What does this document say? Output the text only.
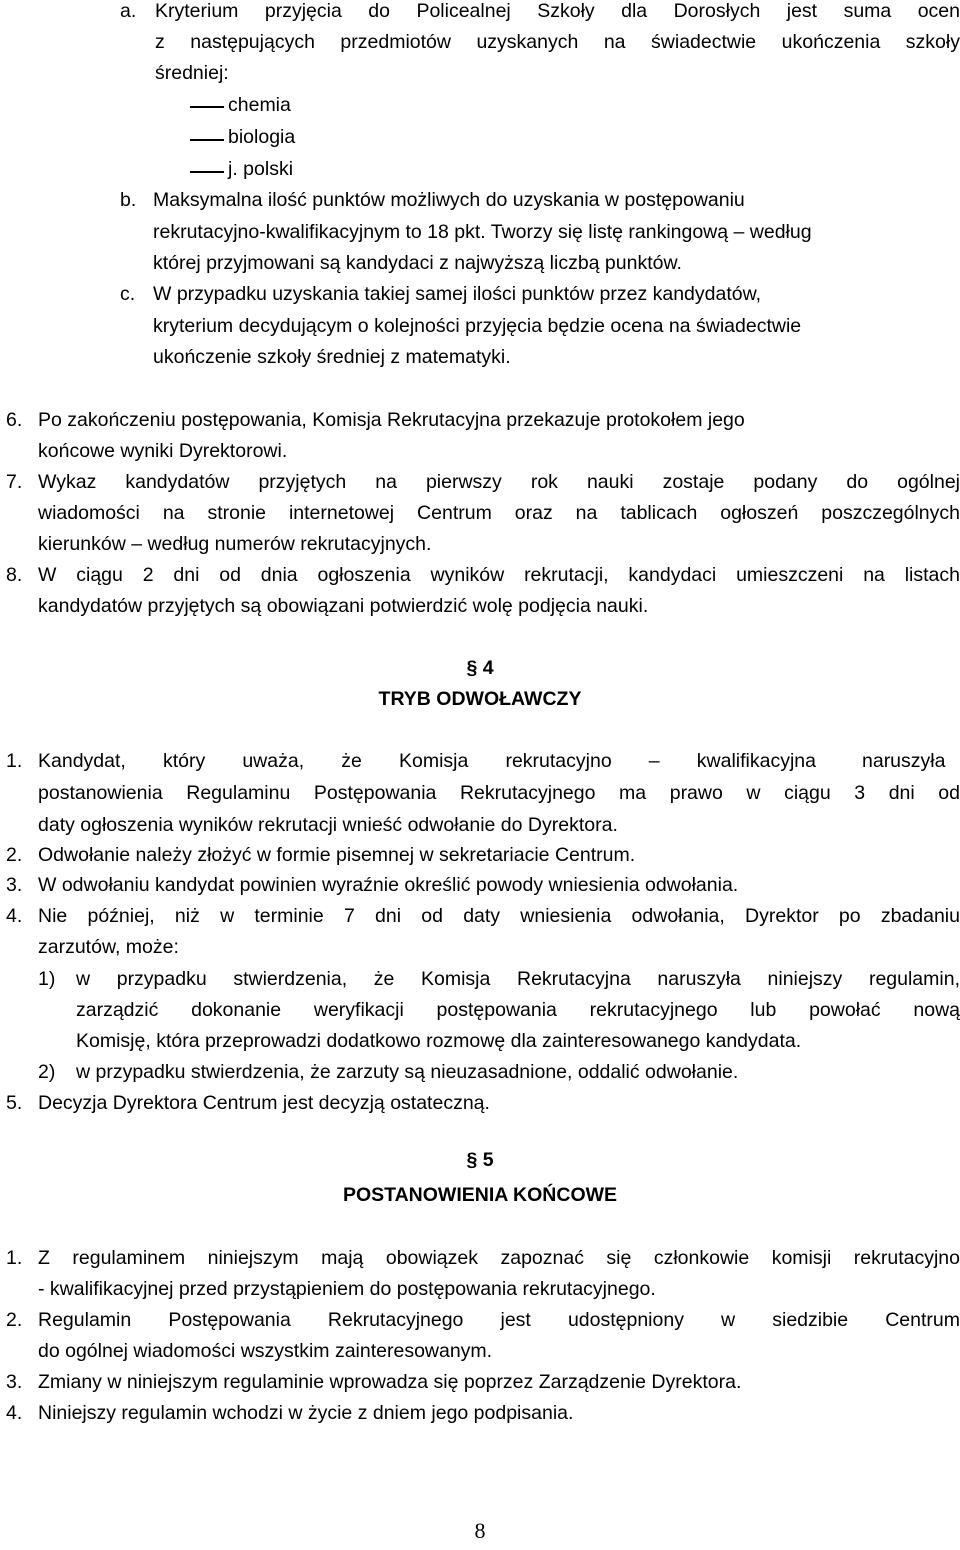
a. Kryterium przyjęcia do Policealnej Szkoły dla Dorosłych jest suma ocen
z następujących przedmiotów uzyskanych na świadectwie ukończenia szkoły
średniej:
chemia
biologia
j. polski
b. Maksymalna ilość punktów możliwych do uzyskania w postępowaniu
rekrutacyjno-kwalifikacyjnym to 18 pkt. Tworzy się listę rankingową – według
której przyjmowani są kandydaci z najwyższą liczbą punktów.
c. W przypadku uzyskania takiej samej ilości punktów przez kandydatów,
kryterium decydującym o kolejności przyjęcia będzie ocena na świadectwie
ukończenie szkoły średniej z matematyki.
6. Po zakończeniu postępowania, Komisja Rekrutacyjna przekazuje protokołem jego
końcowe wyniki Dyrektorowi.
7. Wykaz kandydatów przyjętych na pierwszy rok nauki zostaje podany do ogólnej
wiadomości na stronie internetowej Centrum oraz na tablicach ogłoszeń poszczególnych
kierunków – według numerów rekrutacyjnych.
8. W ciągu 2 dni od dnia ogłoszenia wyników rekrutacji, kandydaci umieszczeni na listach
kandydatów przyjętych są obowiązani potwierdzić wolę podjęcia nauki.
§ 4
TRYB ODWOŁAWCZY
1. Kandydat, który uważa, że Komisja rekrutacyjno – kwalifikacyjna naruszyła
postanowienia Regulaminu Postępowania Rekrutacyjnego ma prawo w ciągu 3 dni od
daty ogłoszenia wyników rekrutacji wnieść odwołanie do Dyrektora.
2. Odwołanie należy złożyć w formie pisemnej w sekretariacie Centrum.
3. W odwołaniu kandydat powinien wyraźnie określić powody wniesienia odwołania.
4. Nie później, niż w terminie 7 dni od daty wniesienia odwołania, Dyrektor po zbadaniu
zarzutów, może:
1) w przypadku stwierdzenia, że Komisja Rekrutacyjna naruszyła niniejszy regulamin,
zarządzić dokonanie weryfikacji postępowania rekrutacyjnego lub powołać nową
Komisję, która przeprowadzi dodatkowo rozmowę dla zainteresowanego kandydata.
2) w przypadku stwierdzenia, że zarzuty są nieuzasadnione, oddalić odwołanie.
5. Decyzja Dyrektora Centrum jest decyzją ostateczną.
§ 5
POSTANOWIENIA KOŃCOWE
1. Z regulaminem niniejszym mają obowiązek zapoznać się członkowie komisji rekrutacyjno
- kwalifikacyjnej przed przystąpieniem do postępowania rekrutacyjnego.
2. Regulamin Postępowania Rekrutacyjnego jest udostępniony w siedzibie Centrum
do ogólnej wiadomości wszystkim zainteresowanym.
3. Zmiany w niniejszym regulaminie wprowadza się poprzez Zarządzenie Dyrektora.
4. Niniejszy regulamin wchodzi w życie z dniem jego podpisania.
8
